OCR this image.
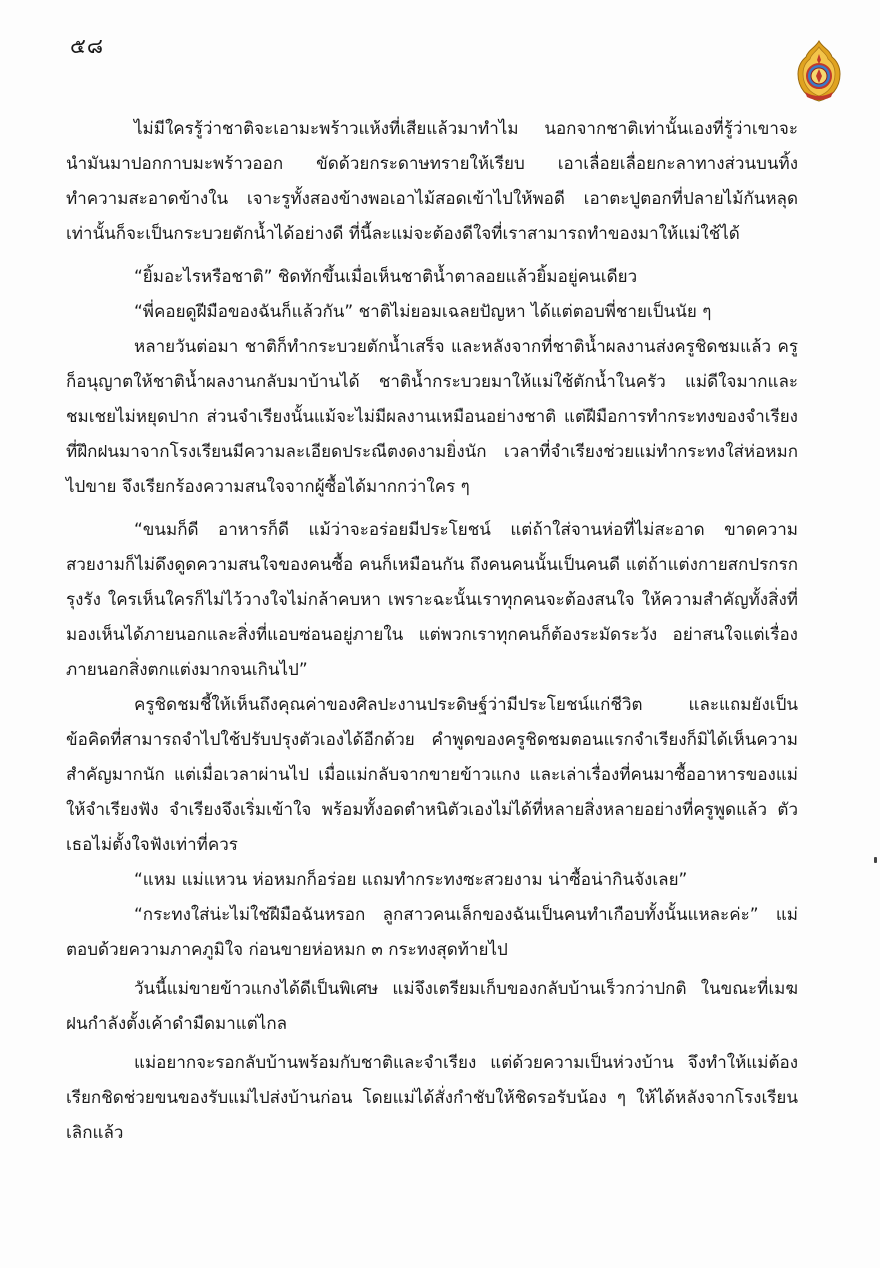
๕๘

ไม่มีใครรู้ว่าชาติจะเอามะพร้าวแห้งที่เสียแล้วมาทำไม นอกจากชาติเท่านั้นเองที่รู้ว่าเขาจะนำมันมาปอกกาบมะพร้าวออก ขัดด้วยกระดาษทรายให้เรียบ เอาเลื่อยเลื่อยกะลาทางส่วนบนทิ้ง ทำความสะอาดข้างใน เจาะรูทั้งสองข้างพอเอาไม้สอดเข้าไปให้พอดี เอาตะปูตอกที่ปลายไม้กันหลุด เท่านั้นก็จะเป็นกระบวยตักน้ำได้อย่างดี ที่นี้ละแม่จะต้องดีใจที่เราสามารถทำของมาให้แม่ใช้ได้

“ยิ้มอะไรหรือชาติ” ชิดทักขึ้นเมื่อเห็นชาติน้ำตาลอยแล้วยิ้มอยู่คนเดียว

“พี่คอยดูฝีมือของฉันก็แล้วกัน” ชาติไม่ยอมเฉลยปัญหา ได้แต่ตอบพี่ชายเป็นนัย ๆ

หลายวันต่อมา ชาติก็ทำกระบวยตักน้ำเสร็จ และหลังจากที่ชาติน้ำผลงานส่งครูชิดชมแล้ว ครูก็อนุญาตให้ชาติน้ำผลงานกลับมาบ้านได้ ชาติน้ำกระบวยมาให้แม่ใช้ตักน้ำในครัว แม่ดีใจมากและชมเชยไม่หยุดปาก ส่วนจำเรียงนั้นแม้จะไม่มีผลงานเหมือนอย่างชาติ แต่ฝีมือการทำกระทงของจำเรียงที่ฝึกฝนมาจากโรงเรียนมีความละเอียดประณีตงดงามยิ่งนัก เวลาที่จำเรียงช่วยแม่ทำกระทงใส่ห่อหมกไปขาย จึงเรียกร้องความสนใจจากผู้ซื้อได้มากกว่าใคร ๆ

“ขนมก็ดี อาหารก็ดี แม้ว่าจะอร่อยมีประโยชน์ แต่ถ้าใส่จานห่อที่ไม่สะอาด ขาดความสวยงามก็ไม่ดึงดูดความสนใจของคนซื้อ คนก็เหมือนกัน ถึงคนคนนั้นเป็นคนดี แต่ถ้าแต่งกายสกปรกรกรุงรัง ใครเห็นใครก็ไม่ไว้วางใจไม่กล้าคบหา เพราะฉะนั้นเราทุกคนจะต้องสนใจ ให้ความสำคัญทั้งสิ่งที่มองเห็นได้ภายนอกและสิ่งที่แอบซ่อนอยู่ภายใน แต่พวกเราทุกคนก็ต้องระมัดระวัง อย่าสนใจแต่เรื่องภายนอกสิ่งตกแต่งมากจนเกินไป”

ครูชิดชมชี้ให้เห็นถึงคุณค่าของศิลปะงานประดิษฐ์ว่ามีประโยชน์แก่ชีวิต และแถมยังเป็นข้อคิดที่สามารถจำไปใช้ปรับปรุงตัวเองได้อีกด้วย คำพูดของครูชิดชมตอนแรกจำเรียงก็มิได้เห็นความสำคัญมากนัก แต่เมื่อเวลาผ่านไป เมื่อแม่กลับจากขายข้าวแกง และเล่าเรื่องที่คนมาซื้ออาหารของแม่ให้จำเรียงฟัง จำเรียงจึงเริ่มเข้าใจ พร้อมทั้งอดตำหนิตัวเองไม่ได้ที่หลายสิ่งหลายอย่างที่ครูพูดแล้ว ตัวเธอไม่ตั้งใจฟังเท่าที่ควร

“แหม แม่แหวน ห่อหมกก็อร่อย แถมทำกระทงซะสวยงาม น่าซื้อน่ากินจังเลย”

“กระทงใส่น่ะไม่ใช่ฝีมือฉันหรอก ลูกสาวคนเล็กของฉันเป็นคนทำเกือบทั้งนั้นแหละค่ะ” แม่ตอบด้วยความภาคภูมิใจ ก่อนขายห่อหมก ๓ กระทงสุดท้ายไป

วันนี้แม่ขายข้าวแกงได้ดีเป็นพิเศษ แม่จึงเตรียมเก็บของกลับบ้านเร็วกว่าปกติ ในขณะที่เมฆฝนกำลังตั้งเค้าดำมืดมาแต่ไกล

แม่อยากจะรอกลับบ้านพร้อมกับชาติและจำเรียง แต่ด้วยความเป็นห่วงบ้าน จึงทำให้แม่ต้องเรียกชิดช่วยขนของรับแม่ไปส่งบ้านก่อน โดยแม่ได้สั่งกำชับให้ชิดรอรับน้อง ๆ ให้ได้หลังจากโรงเรียนเลิกแล้ว
